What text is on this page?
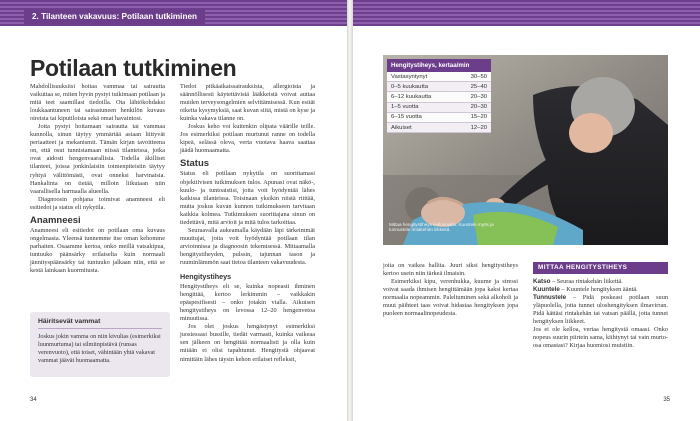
2. Tilanteen vakavuus: Potilaan tutkiminen
Potilaan tutkiminen

Mahdollisuuksiisi hoitaa vammaa tai sairautta vaikuttaa se, miten hyvin pystyt tutkimaan potilaan ja mitä teet saamillasi tiedoilla. Ota lähtökohdaksi loukkaantuneen tai sairastuneen henkilön kuvaus oireista tai kiputiloista sekä omat havaintosi.

Jotta pystyt hoitamaan sairautta tai vammaa kunnolla, sinun täytyy ymmärtää asiaan liittyvät periaatteet ja mekanismit. Tämän kirjan tavoitteena on, että osut tunnistamaan niissä tilanteissa, jotka ovat aidosti hengenvaarallisia. Todella äkilliset tilanteet, joissa jonkinlaisiin toimenpiteisiin täytyy ryhtyä välittömästi, ovat onneksi harvinaisia. Hankalinta on tietää, milloin liikutaan niin vaarallisella harmaalla alueella.

Diagnoosin pohjana toimivat anamneesi eli esitiedot ja status eli nykytila.

Anamneesi

Anamneesi eli esitiedot on potilaan oma kuvaus ongelmasta. Yleensä tunnemme itse oman kehomme parhaiten. Osaamme kertoa, onko meillä vatsakipua, tuntuuko päänsärky erilaiselta kuin normaali jännityspäänsärky tai tuntuuko jalkaan niin, että se kestä lainkaan kuormitusta.

Häiritsevät vammat
Joskus jokin vamma on niin kivulias (esimerkiksi luunmurtuma) tai silmiinpistävä (runsas verenvuoto), että toiset, vähintään yhtä vakavat vammat jäävät huomaamatta.

Tiedot pitkäaikaissairauksista, allergioista ja säännöllisesti käytettävistä lääkkeistä voivat auttaa muiden terveysongelmien selvittämisessä. Kun esität oikeita kysymyksiä, saat kuvan siitä, mistä on kyse ja kuinka vakava tilanne on.

Joskus keho voi kuitenkin olipata väärille teille. Jos esimerkiksi potilaan murtunut ranne on todella kipeä, selässä oleva, verta vuotava haava saattaa jäädä huomaamatta.

Status

Status eli potilaan nykytila on suorittamasi objektiivisen tutkimuksen tulos. Apunasi ovat näkö-, kuulo- ja tuntoaistisi, joita voit hyödyntää lähes kaikissa tilanteissa. Toisinaan yksikin niistä riittää, mutta joskus kuvan kunnon tutkimukseen tarvitaan kaikkia kolmea. Tutkimuksen suorittajana sinun on tiedettävä, mitä arvioit ja mitä tulos tarkoittaa.

Seuraavalla aukeamalla käydään läpi tärkeimmät muuttujat, joita voit hyödyntää potilaan tilan arvioinnissa ja diagnoosin tekemisessä. Mittaamalla hengitystiheyden, pulssin, tajunnan tason ja ruuminlämmön saat tietoa tilanteen vakavuudesta.

Hengitystiheys

Hengitystiheys eli se, kuinka nopeasti ihminen hengittää, kertoo lerkimmin – vaikkakin epäspesifisesti – onko jotakin vialla. Aikuisen hengitystiheys on levossa 12–20 hengenvetoa minuutissa.

Jos olet joskus hengästynyt esimerkiksi juostessasi bussille, tiedät varmasti, kuinka vaikeaa sen jälkeen on hengittää normaalisti ja olla kuin mitään ei olisi tapahtunut. Hengitystä ohjaavat nimittäin lähes täysin kehon erilaiset refleksit,

34
Hengitystiheys, kertaa/min
Vastasyntynyt	30–50
0–5 kuukautta	25–40
6–12 kuukautta	20–30
1–5 vuotta	20–30
6–15 vuotta	15–20
Aikuiset	12–20
Mittaa hengitystiheys kellonajalla. Kuuntele myös ja tunnustele rintakehän liikkeitä.

joita on vaikea hallita. Juuri siksi hengitystiheys kertoo usein niin tärkeä ilmaisin.

Esimerkiksi kipu, verenhukka, kuume ja stressi voivat saada ihmisen hengittämään jopa kaksi kertaa normaalia nopeammin. Paleltuminen sekä alkoholi ja muut päihteet taas voivat hidastaa hengityksen jopa puoleen normaalinopeudesta.

MITTAA HENGITYSTIHEYS

Katso – Seuraa rintakehän liikettä.

Kuuntele – Kuuntele hengityksen ääntä.

Tunnustele – Pidä poskeasi potilaan suun yläpuolella, jotta tunnet uloshengityksen ilmavirran. Pidä kättäsi rintakehän tai vatsan päällä, jotta tunnet hengityksen liikkeet.

Jos ei ole kelloa, vertaa hengitystä omaasi. Onko nopeus suurin piirtein sama, kiihtynyt tai vain murto-osa omastasi? Kirjaa huomiosi muistiin.

35
